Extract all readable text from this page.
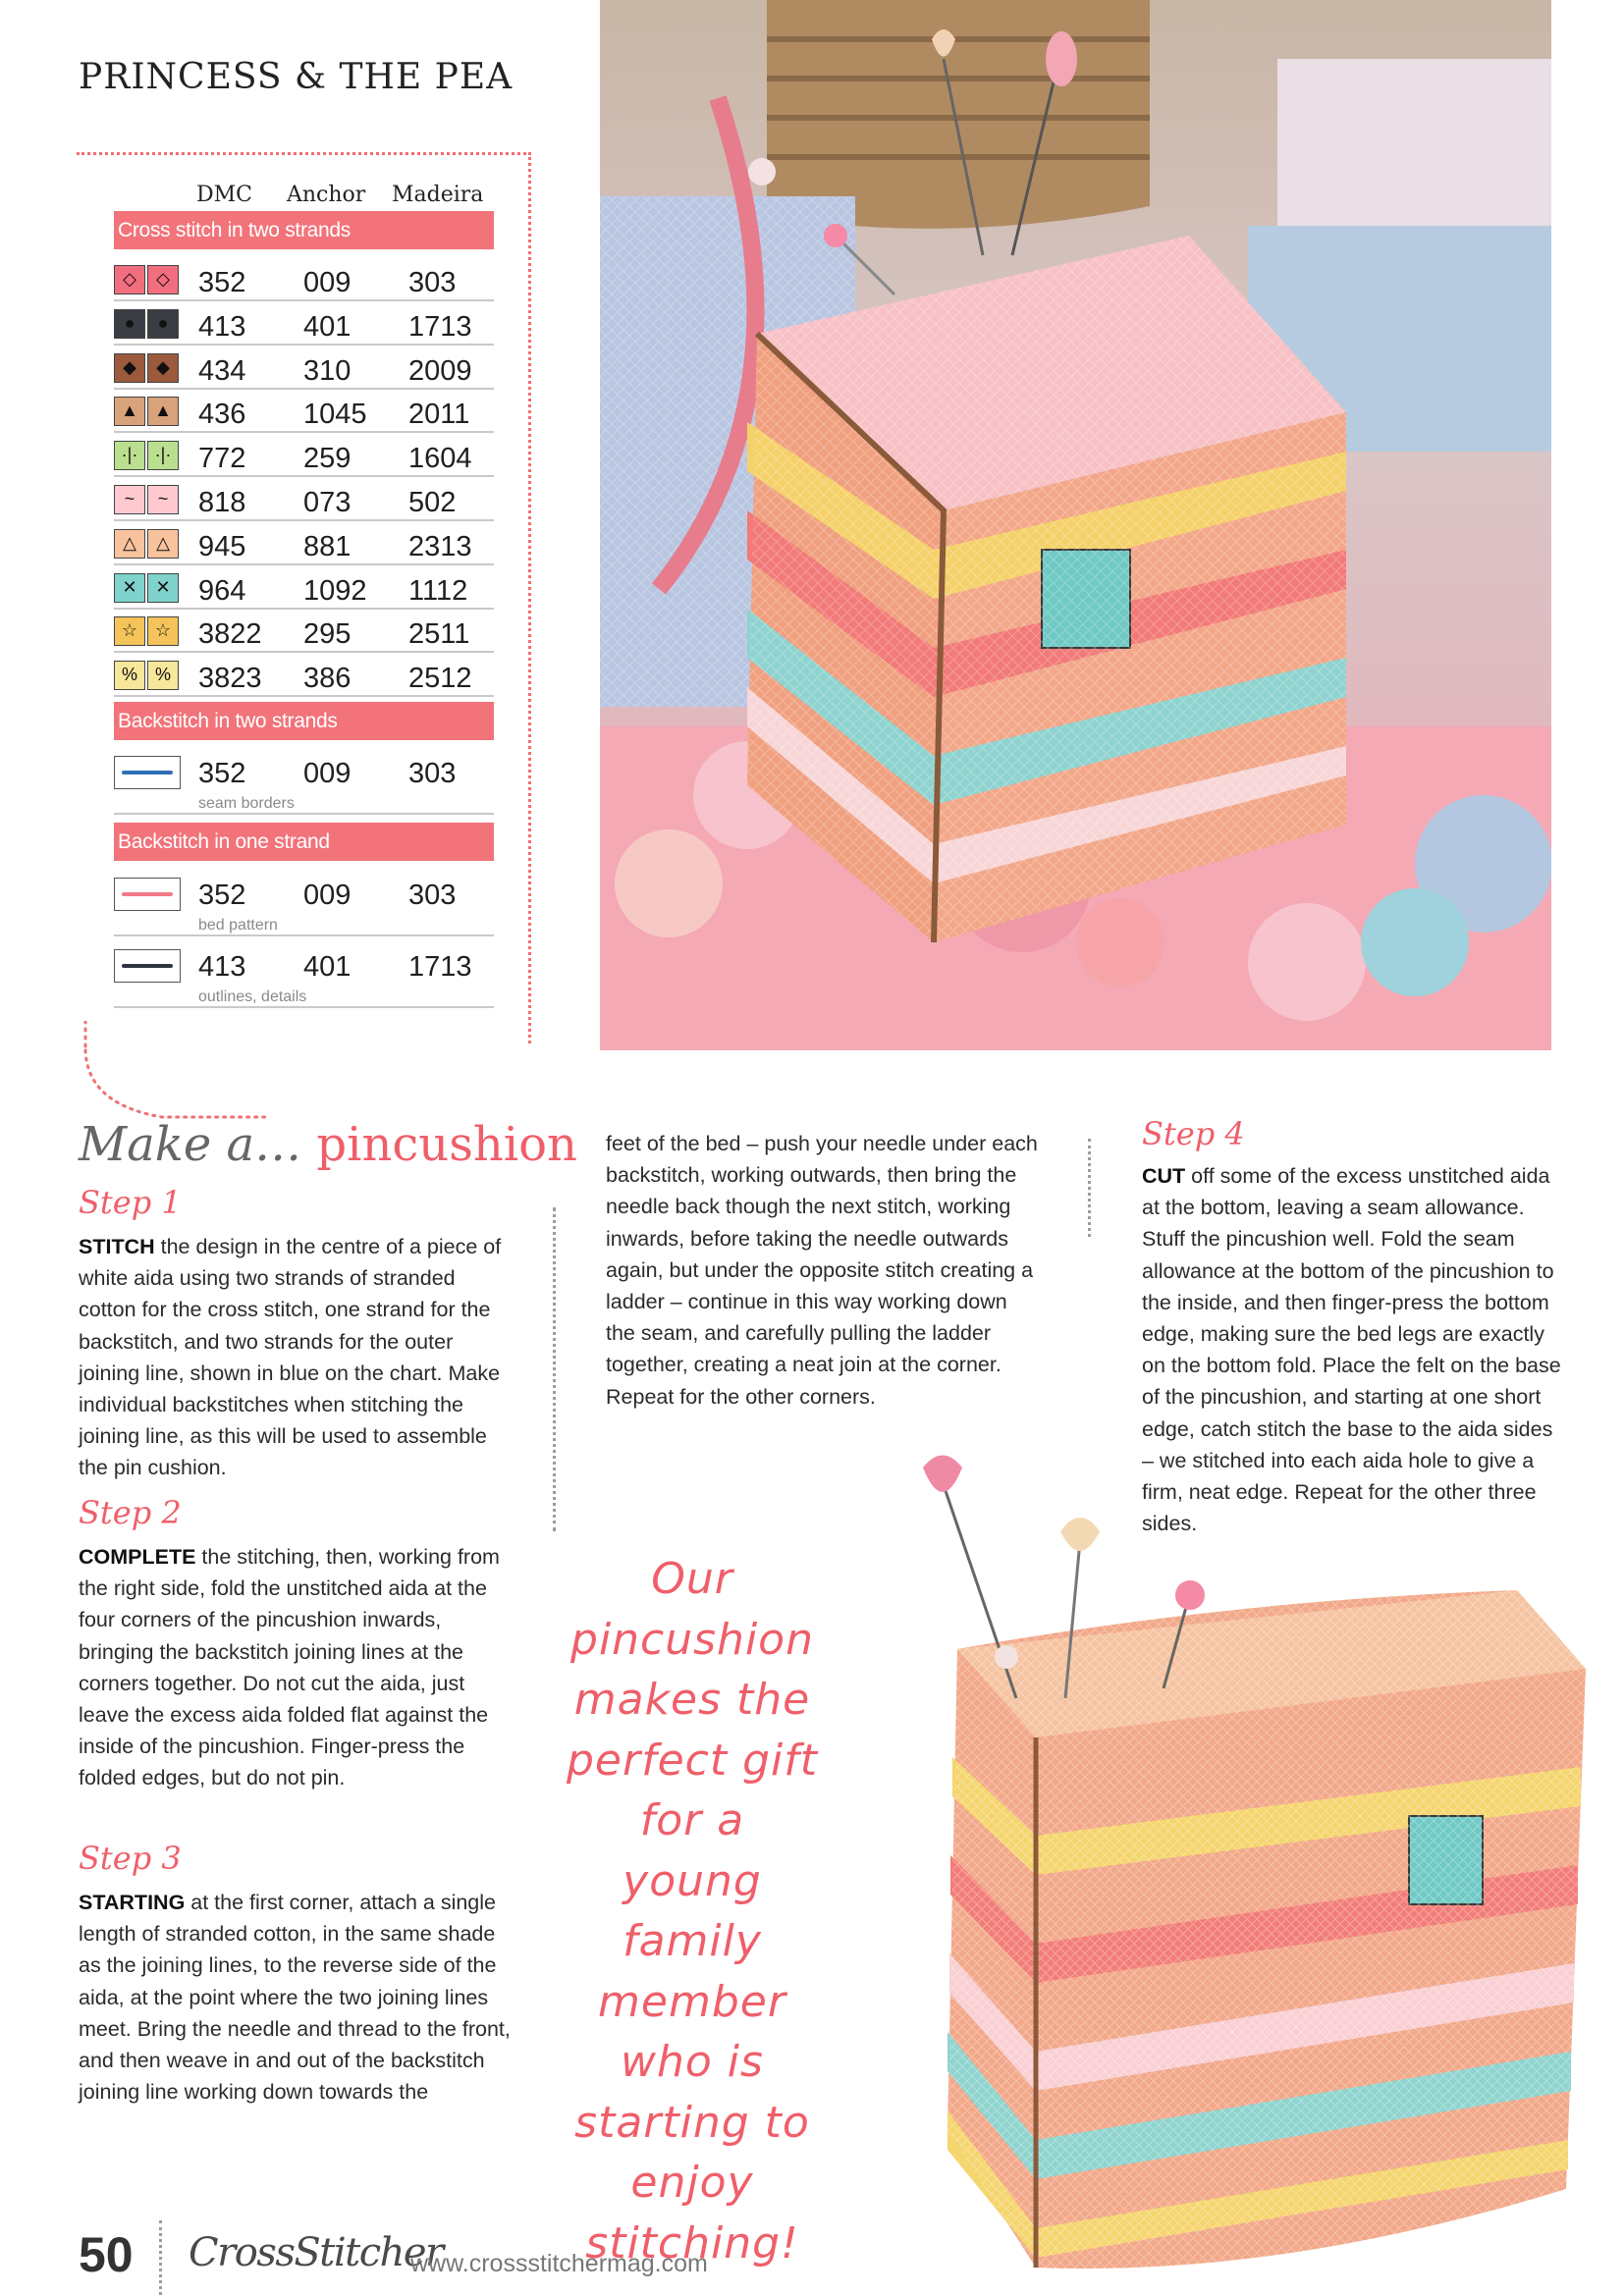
PRINCESS & THE PEA
DMC Anchor Madeira
Cross stitch in two strands
◇	◇	352 009 303
●	●	413 401 1713
◆	◆	434 310 2009
▲ ▲ 436 1045 2011
·|· ·|· 772 259 1604
~	~	818 073 502
△	△	945 881 2313
✕	✕ 964 1092 1112
☆ ☆ 3822 295 2511
% % 3823 386 2512
Backstitch in two strands
352 009 303
seam borders
Backstitch in one strand
352 009 303
bed pattern
413 401 1713
outlines, details
Make a… pincushion
Step 1
STITCH the design in the centre of a piece of white aida using two strands of stranded cotton for the cross stitch, one strand for the backstitch, and two strands for the outer joining line, shown in blue on the chart. Make individual backstitches when stitching the joining line, as this will be used to assemble the pin cushion.
Step 2
COMPLETE the stitching, then, working from the right side, fold the unstitched aida at the four corners of the pincushion inwards, bringing the backstitch joining lines at the corners together. Do not cut the aida, just leave the excess aida folded flat against the inside of the pincushion. Finger-press the folded edges, but do not pin.
Step 3
STARTING at the first corner, attach a single length of stranded cotton, in the same shade as the joining lines, to the reverse side of the aida, at the point where the two joining lines meet. Bring the needle and thread to the front, and then weave in and out of the backstitch joining line working down towards the
feet of the bed – push your needle under each backstitch, working outwards, then bring the needle back though the next stitch, working inwards, before taking the needle outwards again, but under the opposite stitch creating a ladder – continue in this way working down the seam, and carefully pulling the ladder together, creating a neat join at the corner. Repeat for the other corners.
Our pincushion makes the perfect gift for a young family member who is starting to enjoy stitching!
Step 4
CUT off some of the excess unstitched aida at the bottom, leaving a seam allowance. Stuff the pincushion well. Fold the seam allowance at the bottom of the pincushion to the inside, and then finger-press the bottom edge, making sure the bed legs are exactly on the bottom fold. Place the felt on the base of the pincushion, and starting at one short edge, catch stitch the base to the aida sides – we stitched into each aida hole to give a firm, neat edge. Repeat for the other three sides.
50 CrossStitcher
www.crossstitchermag.com
